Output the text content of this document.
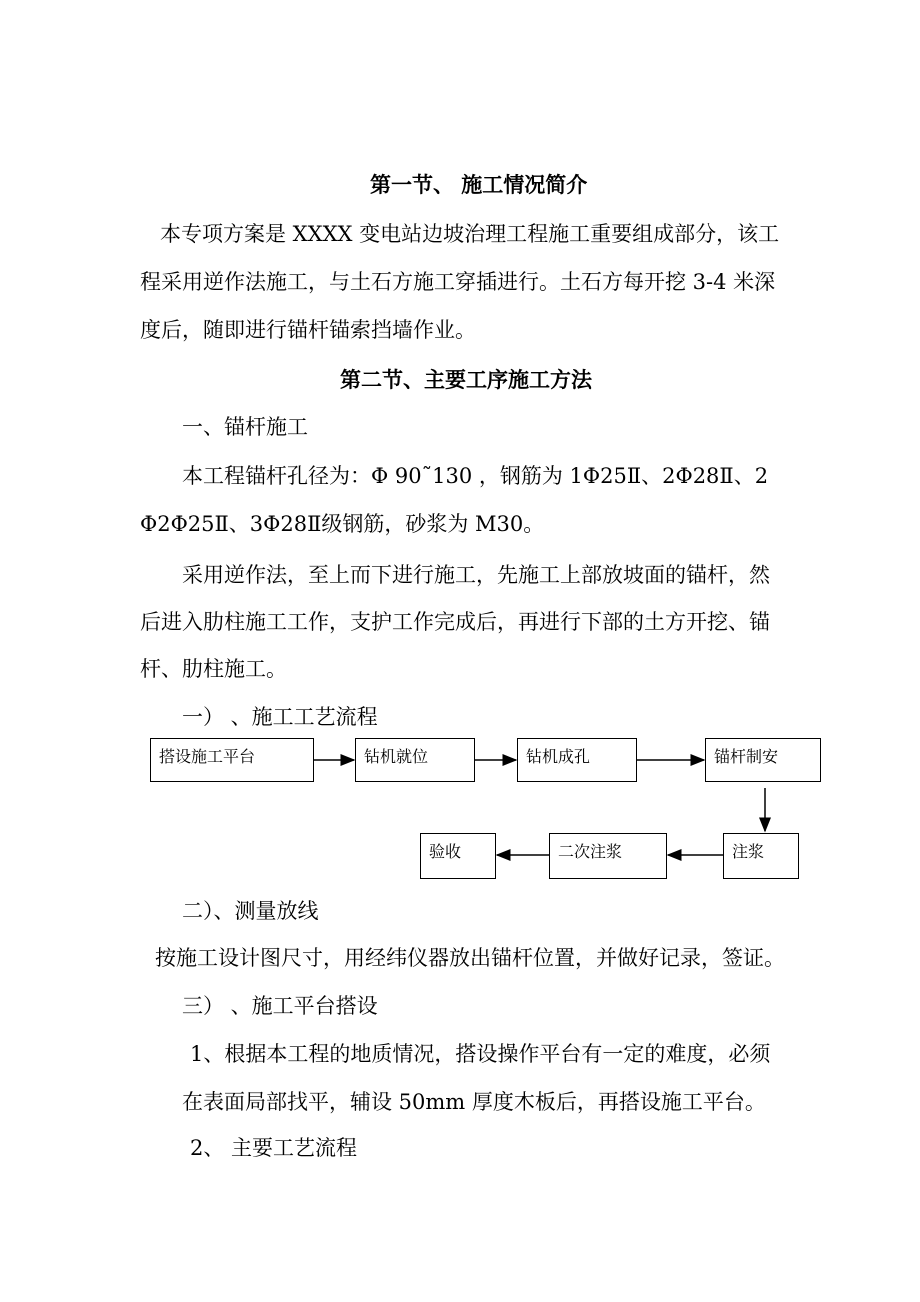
第一节、 施工情况简介
本专项方案是 XXXX 变电站边坡治理工程施工重要组成部分，该工
程采用逆作法施工，与土石方施工穿插进行。土石方每开挖 3-4 米深
度后，随即进行锚杆锚索挡墙作业。
第二节、主要工序施工方法
一、锚杆施工
本工程锚杆孔径为：Φ 90˜130 ，钢筋为 1Φ25Ⅱ、2Φ28Ⅱ、2
Φ2Φ25Ⅱ、3Φ28Ⅱ级钢筋，砂浆为 M30。
采用逆作法，至上而下进行施工，先施工上部放坡面的锚杆，然
后进入肋柱施工工作，支护工作完成后，再进行下部的土方开挖、锚
杆、肋柱施工。
一） 、施工工艺流程
搭设施工平台	钻机就位	钻机成孔	锚杆制安
注浆
二次注浆
验收
二）、测量放线
按施工设计图尺寸，用经纬仪器放出锚杆位置，并做好记录，签证。
三） 、施工平台搭设
1、根据本工程的地质情况，搭设操作平台有一定的难度，必须
在表面局部找平，辅设 50mm 厚度木板后，再搭设施工平台。
2、 主要工艺流程
